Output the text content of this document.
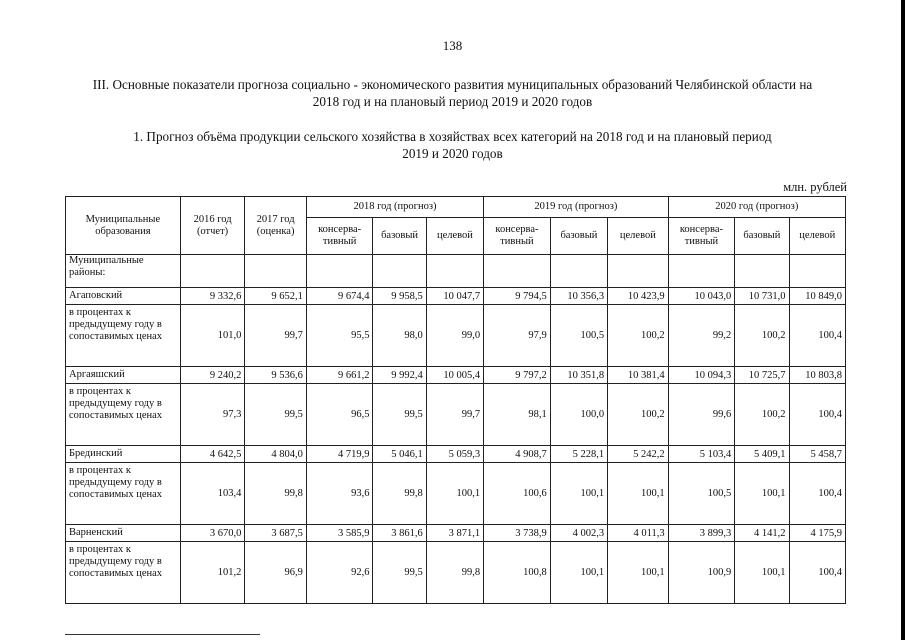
138
III. Основные показатели прогноза социально - экономического развития муниципальных образований Челябинской области на 2018 год и на плановый период 2019 и 2020 годов
1. Прогноз объёма продукции сельского хозяйства в хозяйствах всех категорий на 2018 год и на плановый период 2019 и 2020 годов
млн. рублей
Муниципальные образования	2016 год (отчет)	2017 год (оценка)	2018 год (прогноз)			2019 год (прогноз)			2020 год (прогноз)		
			консерва-тивный	базовый	целевой	консерва-тивный	базовый	целевой	консерва-тивный	базовый	целевой
Муниципальные районы:											
Агаповский	9 332,6	9 652,1	9 674,4	9 958,5	10 047,7	9 794,5	10 356,3	10 423,9	10 043,0	10 731,0	10 849,0
в процентах к предыдущему году в сопоставимых ценах	101,0	99,7	95,5	98,0	99,0	97,9	100,5	100,2	99,2	100,2	100,4
Аргаяшский	9 240,2	9 536,6	9 661,2	9 992,4	10 005,4	9 797,2	10 351,8	10 381,4	10 094,3	10 725,7	10 803,8
в процентах к предыдущему году в сопоставимых ценах	97,3	99,5	96,5	99,5	99,7	98,1	100,0	100,2	99,6	100,2	100,4
Брединский	4 642,5	4 804,0	4 719,9	5 046,1	5 059,3	4 908,7	5 228,1	5 242,2	5 103,4	5 409,1	5 458,7
в процентах к предыдущему году в сопоставимых ценах	103,4	99,8	93,6	99,8	100,1	100,6	100,1	100,1	100,5	100,1	100,4
Варненский	3 670,0	3 687,5	3 585,9	3 861,6	3 871,1	3 738,9	4 002,3	4 011,3	3 899,3	4 141,2	4 175,9
в процентах к предыдущему году в сопоставимых ценах	101,2	96,9	92,6	99,5	99,8	100,8	100,1	100,1	100,9	100,1	100,4
